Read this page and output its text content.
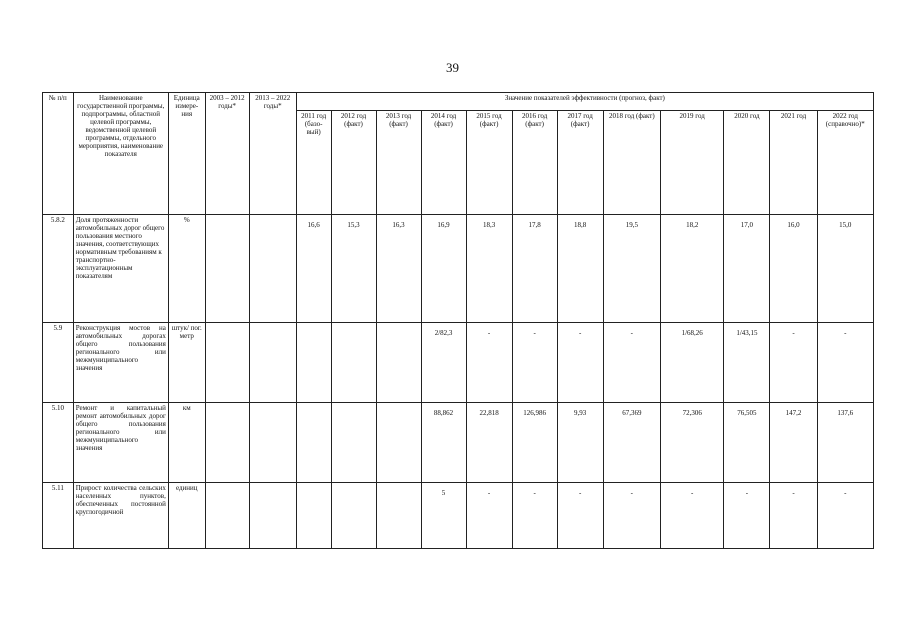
39
№ п/п	Наименование государственной программы, подпрограммы, областной целевой программы, ведомственной целевой программы, отдельного мероприятия, наименование показателя	Единица измере-ния	2003 – 2012 годы*	2013 – 2022 годы*	Значение показателей эффективности (прогноз, факт)											
					2011 год (базо-вый)	2012 год (факт)	2013 год (факт)	2014 год (факт)	2015 год (факт)	2016 год (факт)	2017 год (факт)	2018 год (факт)	2019 год	2020 год	2021 год	2022 год (справочно)*
5.8.2	Доля протяженности автомобильных дорог общего пользования местного значения, соответствующих нормативным требованиям к транспортно-эксплуатационным показателям	%			16,6	15,3	16,3	16,9	18,3	17,8	18,8	19,5	18,2	17,0	16,0	15,0
5.9	Реконструкция мостов на автомобильных дорогах общего пользования регионального или межмуниципального значения	штук/ пог. метр						2/82,3	-	-	-	-	1/68,26	1/43,15	-	-
5.10	Ремонт и капитальный ремонт автомобильных дорог общего пользования регионального или межмуниципального значения	км						88,862	22,818	126,986	9,93	67,369	72,306	76,505	147,2	137,6
5.11	Прирост количества сельских населенных пунктов, обеспеченных постоянной круглогодичной	единиц						5	-	-	-	-	-	-	-	-
